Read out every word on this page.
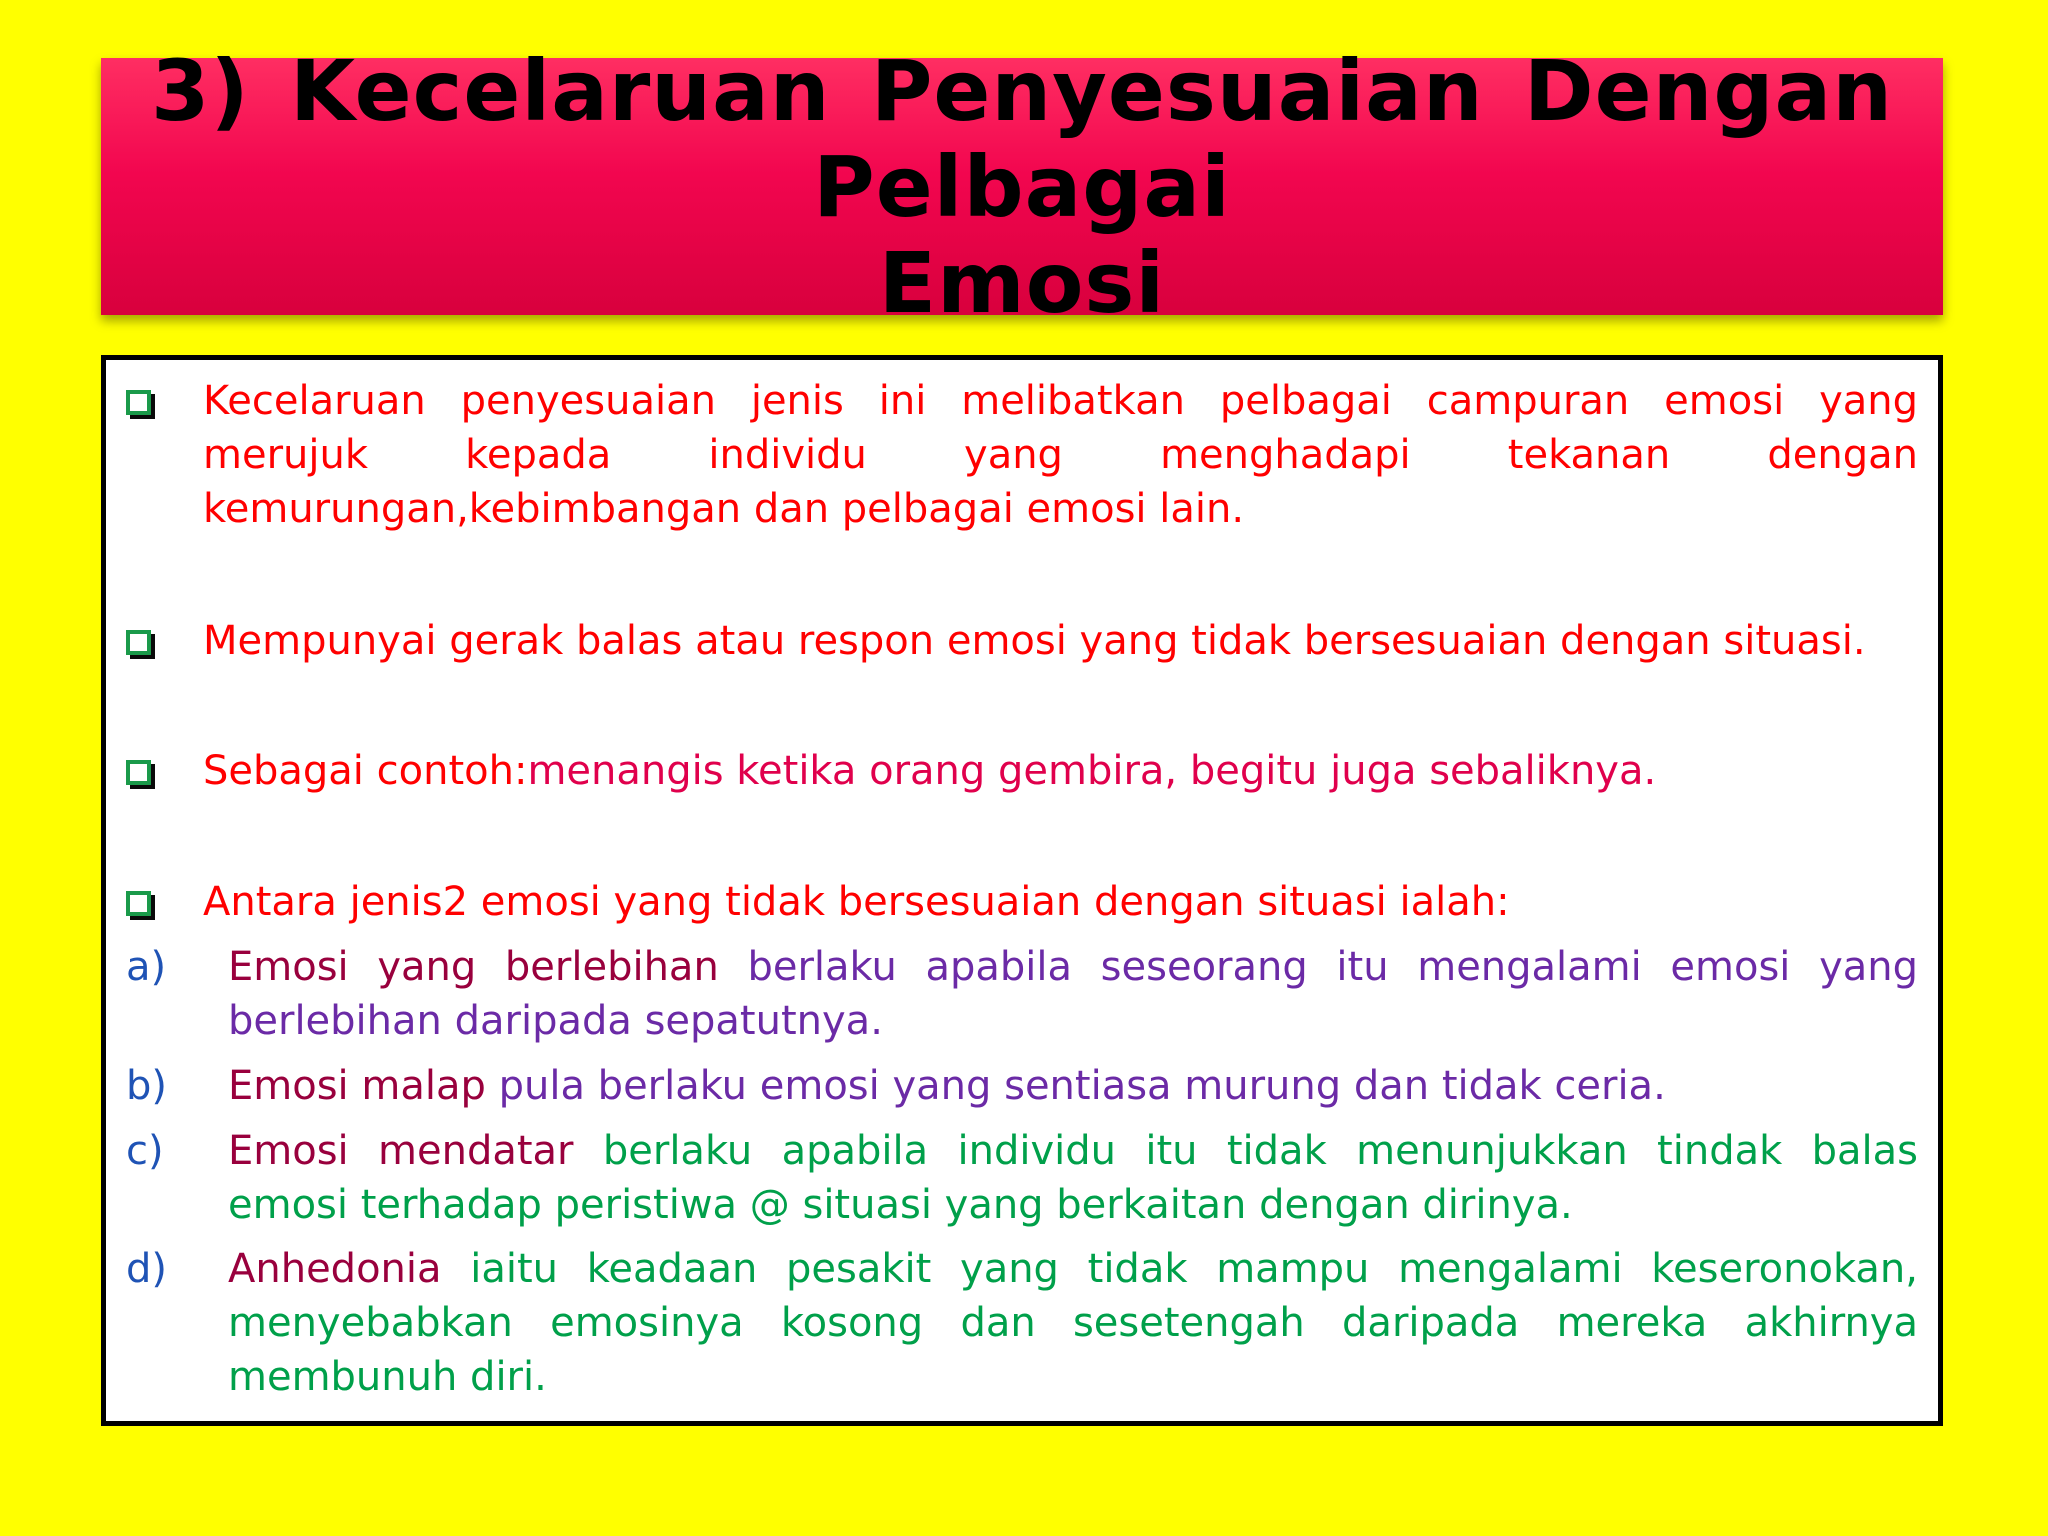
3) Kecelaruan Penyesuaian Dengan Pelbagai
Emosi
Kecelaruan penyesuaian jenis ini melibatkan pelbagai campuran emosi yang
merujuk kepada individu yang menghadapi tekanan dengan
kemurungan,kebimbangan dan pelbagai emosi lain.
Mempunyai gerak balas atau respon emosi yang tidak bersesuaian dengan situasi.
Sebagai contoh:menangis ketika orang gembira, begitu juga sebaliknya.
Antara jenis2 emosi yang tidak bersesuaian dengan situasi ialah:
a) Emosi yang berlebihan berlaku apabila seseorang itu mengalami emosi yang
berlebihan daripada sepatutnya.
b) Emosi malap pula berlaku emosi yang sentiasa murung dan tidak ceria.
c) Emosi mendatar berlaku apabila individu itu tidak menunjukkan tindak balas
emosi terhadap peristiwa @ situasi yang berkaitan dengan dirinya.
d) Anhedonia iaitu keadaan pesakit yang tidak mampu mengalami keseronokan,
menyebabkan emosinya kosong dan sesetengah daripada mereka akhirnya
membunuh diri.
